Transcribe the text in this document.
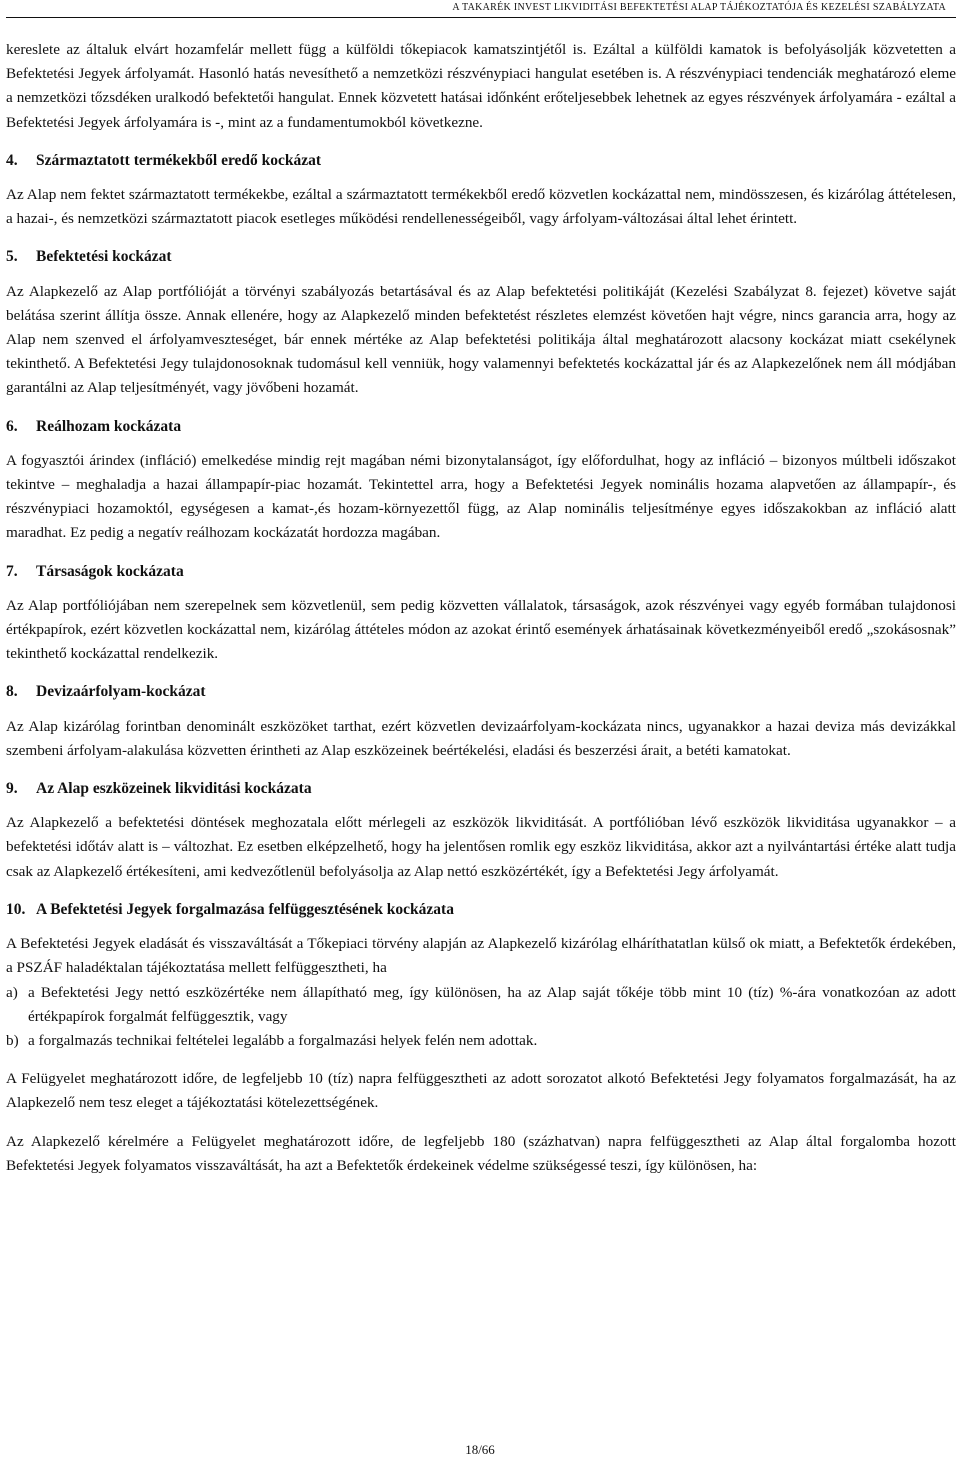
A TAKARÉK INVEST LIKVIDITÁSI BEFEKTETÉSI ALAP TÁJÉKOZTATÓJA ÉS KEZELÉSI SZABÁLYZATA

kereslete az általuk elvárt hozamfelár mellett függ a külföldi tőkepiacok kamatszintjétől is. Ezáltal a külföldi kamatok is befolyásolják közvetetten a Befektetési Jegyek árfolyamát. Hasonló hatás nevesíthető a nemzetközi részvénypiaci hangulat esetében is. A részvénypiaci tendenciák meghatározó eleme a nemzetközi tőzsdéken uralkodó befektetői hangulat. Ennek közvetett hatásai időnként erőteljesebbek lehetnek az egyes részvények árfolyamára - ezáltal a Befektetési Jegyek árfolyamára is -, mint az a fundamentumokból következne.

4. Származtatott termékekből eredő kockázat

Az Alap nem fektet származtatott termékekbe, ezáltal a származtatott termékekből eredő közvetlen kockázattal nem, mindösszesen, és kizárólag áttételesen, a hazai-, és nemzetközi származtatott piacok esetleges működési rendellenességeiből, vagy árfolyam-változásai által lehet érintett.

5. Befektetési kockázat

Az Alapkezelő az Alap portfólióját a törvényi szabályozás betartásával és az Alap befektetési politikáját (Kezelési Szabályzat 8. fejezet) követve saját belátása szerint állítja össze. Annak ellenére, hogy az Alapkezelő minden befektetést részletes elemzést követően hajt végre, nincs garancia arra, hogy az Alap nem szenved el árfolyamveszteséget, bár ennek mértéke az Alap befektetési politikája által meghatározott alacsony kockázat miatt csekélynek tekinthető. A Befektetési Jegy tulajdonosoknak tudomásul kell venniük, hogy valamennyi befektetés kockázattal jár és az Alapkezelőnek nem áll módjában garantálni az Alap teljesítményét, vagy jövőbeni hozamát.

6. Reálhozam kockázata

A fogyasztói árindex (infláció) emelkedése mindig rejt magában némi bizonytalanságot, így előfordulhat, hogy az infláció – bizonyos múltbeli időszakot tekintve – meghaladja a hazai állampapír-piac hozamát. Tekintettel arra, hogy a Befektetési Jegyek nominális hozama alapvetően az állampapír-, és részvénypiaci hozamoktól, egységesen a kamat-,és hozam-környezettől függ, az Alap nominális teljesítménye egyes időszakokban az infláció alatt maradhat. Ez pedig a negatív reálhozam kockázatát hordozza magában.

7. Társaságok kockázata

Az Alap portfóliójában nem szerepelnek sem közvetlenül, sem pedig közvetten vállalatok, társaságok, azok részvényei vagy egyéb formában tulajdonosi értékpapírok, ezért közvetlen kockázattal nem, kizárólag áttételes módon az azokat érintő események árhatásainak következményeiből eredő „szokásosnak” tekinthető kockázattal rendelkezik.

8. Devizaárfolyam-kockázat

Az Alap kizárólag forintban denominált eszközöket tarthat, ezért közvetlen devizaárfolyam-kockázata nincs, ugyanakkor a hazai deviza más devizákkal szembeni árfolyam-alakulása közvetten érintheti az Alap eszközeinek beértékelési, eladási és beszerzési árait, a betéti kamatokat.

9. Az Alap eszközeinek likviditási kockázata

Az Alapkezelő a befektetési döntések meghozatala előtt mérlegeli az eszközök likviditását. A portfólióban lévő eszközök likviditása ugyanakkor – a befektetési időtáv alatt is – változhat. Ez esetben elképzelhető, hogy ha jelentősen romlik egy eszköz likviditása, akkor azt a nyilvántartási értéke alatt tudja csak az Alapkezelő értékesíteni, ami kedvezőtlenül befolyásolja az Alap nettó eszközértékét, így a Befektetési Jegy árfolyamát.

10. A Befektetési Jegyek forgalmazása felfüggesztésének kockázata

A Befektetési Jegyek eladását és visszaváltását a Tőkepiaci törvény alapján az Alapkezelő kizárólag elháríthatatlan külső ok miatt, a Befektetők érdekében, a PSZÁF haladéktalan tájékoztatása mellett felfüggesztheti, ha

a) a Befektetési Jegy nettó eszközértéke nem állapítható meg, így különösen, ha az Alap saját tőkéje több mint 10 (tíz) %-ára vonatkozóan az adott értékpapírok forgalmát felfüggesztik, vagy
b) a forgalmazás technikai feltételei legalább a forgalmazási helyek felén nem adottak.

A Felügyelet meghatározott időre, de legfeljebb 10 (tíz) napra felfüggesztheti az adott sorozatot alkotó Befektetési Jegy folyamatos forgalmazását, ha az Alapkezelő nem tesz eleget a tájékoztatási kötelezettségének.

Az Alapkezelő kérelmére a Felügyelet meghatározott időre, de legfeljebb 180 (százhatvan) napra felfüggesztheti az Alap által forgalomba hozott Befektetési Jegyek folyamatos visszaváltását, ha azt a Befektetők érdekeinek védelme szükségessé teszi, így különösen, ha:

18/66
